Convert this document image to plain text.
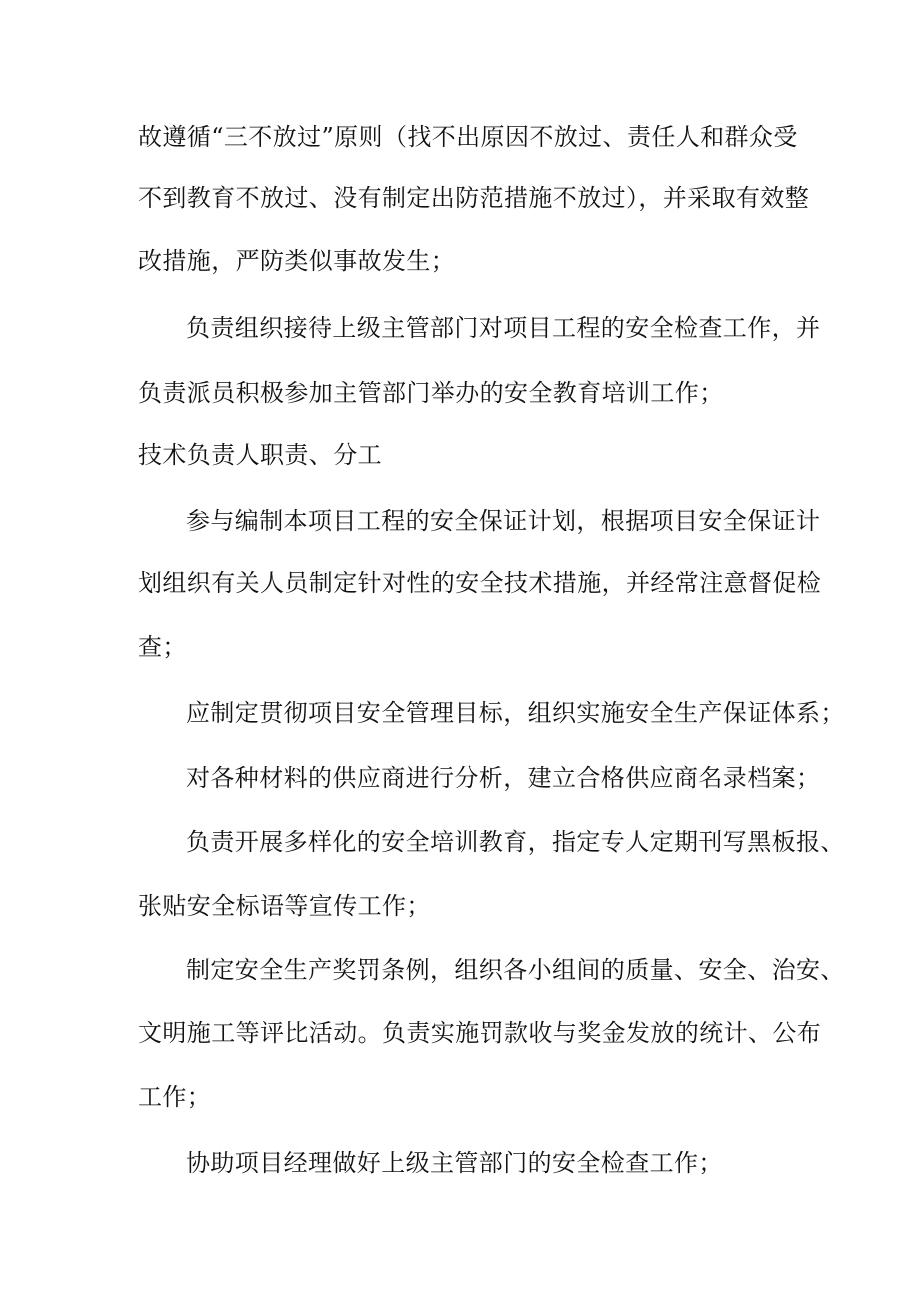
故遵循“三不放过”原则（找不出原因不放过、责任人和群众受
不到教育不放过、没有制定出防范措施不放过），并采取有效整
改措施，严防类似事故发生；
负责组织接待上级主管部门对项目工程的安全检查工作，并
负责派员积极参加主管部门举办的安全教育培训工作；
技术负责人职责、分工
参与编制本项目工程的安全保证计划，根据项目安全保证计
划组织有关人员制定针对性的安全技术措施，并经常注意督促检
查；
应制定贯彻项目安全管理目标，组织实施安全生产保证体系；
对各种材料的供应商进行分析，建立合格供应商名录档案；
负责开展多样化的安全培训教育，指定专人定期刊写黑板报、
张贴安全标语等宣传工作；
制定安全生产奖罚条例，组织各小组间的质量、安全、治安、
文明施工等评比活动。负责实施罚款收与奖金发放的统计、公布
工作；
协助项目经理做好上级主管部门的安全检查工作；
